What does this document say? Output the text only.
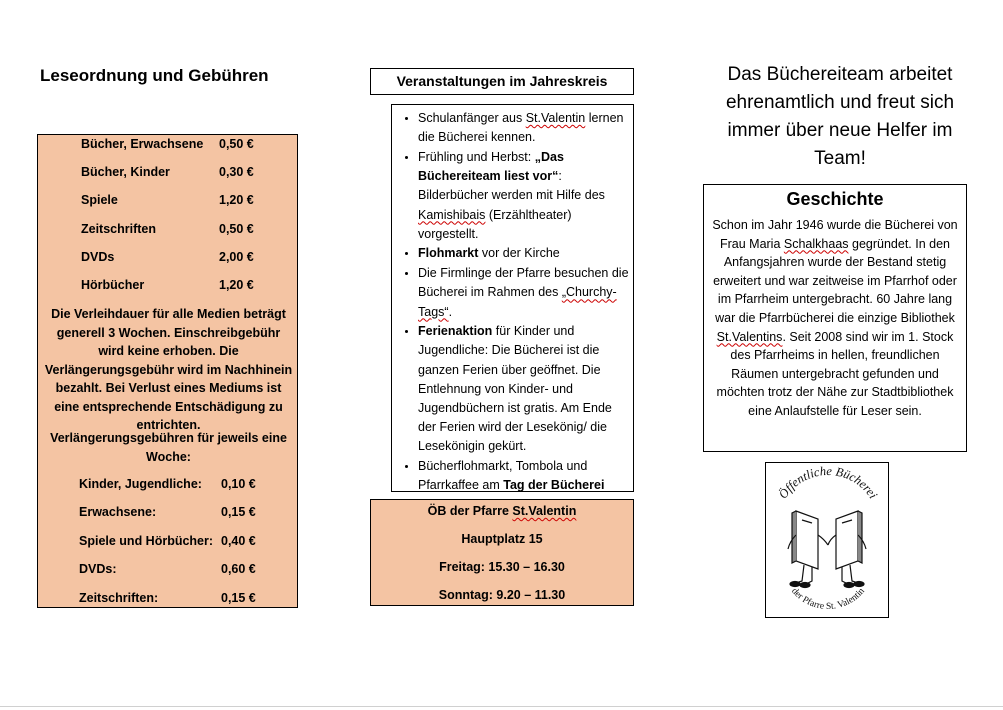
Leseordnung und Gebühren
Bücher, Erwachsene 0,50 €
Bücher, Kinder	0,30 €
Spiele	1,20 €
Zeitschriften	0,50 €
DVDs	2,00 €
Hörbücher	1,20 €
Die Verleihdauer für alle Medien beträgt generell 3 Wochen. Einschreibgebühr wird keine erhoben. Die Verlängerungsgebühr wird im Nachhinein bezahlt. Bei Verlust eines Mediums ist eine entsprechende Entschädigung zu entrichten.
Verlängerungsgebühren für jeweils eine Woche:
Kinder, Jugendliche: 0,10 €
Erwachsene:	0,15 €
Spiele und Hörbücher: 0,40 €
DVDs:	0,60 €
Zeitschriften:	0,15 €
Veranstaltungen im Jahreskreis
• Schulanfänger aus St.Valentin lernen die Bücherei kennen.
• Frühling und Herbst: „Das Büchereiteam liest vor“: Bilderbücher werden mit Hilfe des Kamishibais (Erzähltheater) vorgestellt.
• Flohmarkt vor der Kirche
• Die Firmlinge der Pfarre besuchen die Bücherei im Rahmen des „Churchy-Tags“.
• Ferienaktion für Kinder und Jugendliche: Die Bücherei ist die ganzen Ferien über geöffnet. Die Entlehnung von Kinder- und Jugendbüchern ist gratis. Am Ende der Ferien wird der Lesekönig/ die Lesekönigin gekürt.
• Bücherflohmarkt, Tombola und Pfarrkaffee am Tag der Bücherei
ÖB der Pfarre St.Valentin
Hauptplatz 15
Freitag: 15.30 – 16.30
Sonntag: 9.20 – 11.30
Das Büchereiteam arbeitet ehrenamtlich und freut sich immer über neue Helfer im Team!
Geschichte

Schon im Jahr 1946 wurde die Bücherei von Frau Maria Schalkhaas gegründet. In den Anfangsjahren wurde der Bestand stetig erweitert und war zeitweise im Pfarrhof oder im Pfarrheim untergebracht. 60 Jahre lang war die Pfarrbücherei die einzige Bibliothek St.Valentins. Seit 2008 sind wir im 1. Stock des Pfarrheims in hellen, freundlichen Räumen untergebracht gefunden und möchten trotz der Nähe zur Stadtbibliothek eine Anlaufstelle für Leser sein.

Öffentliche Bücherei
der Pfarre St. Valentin
